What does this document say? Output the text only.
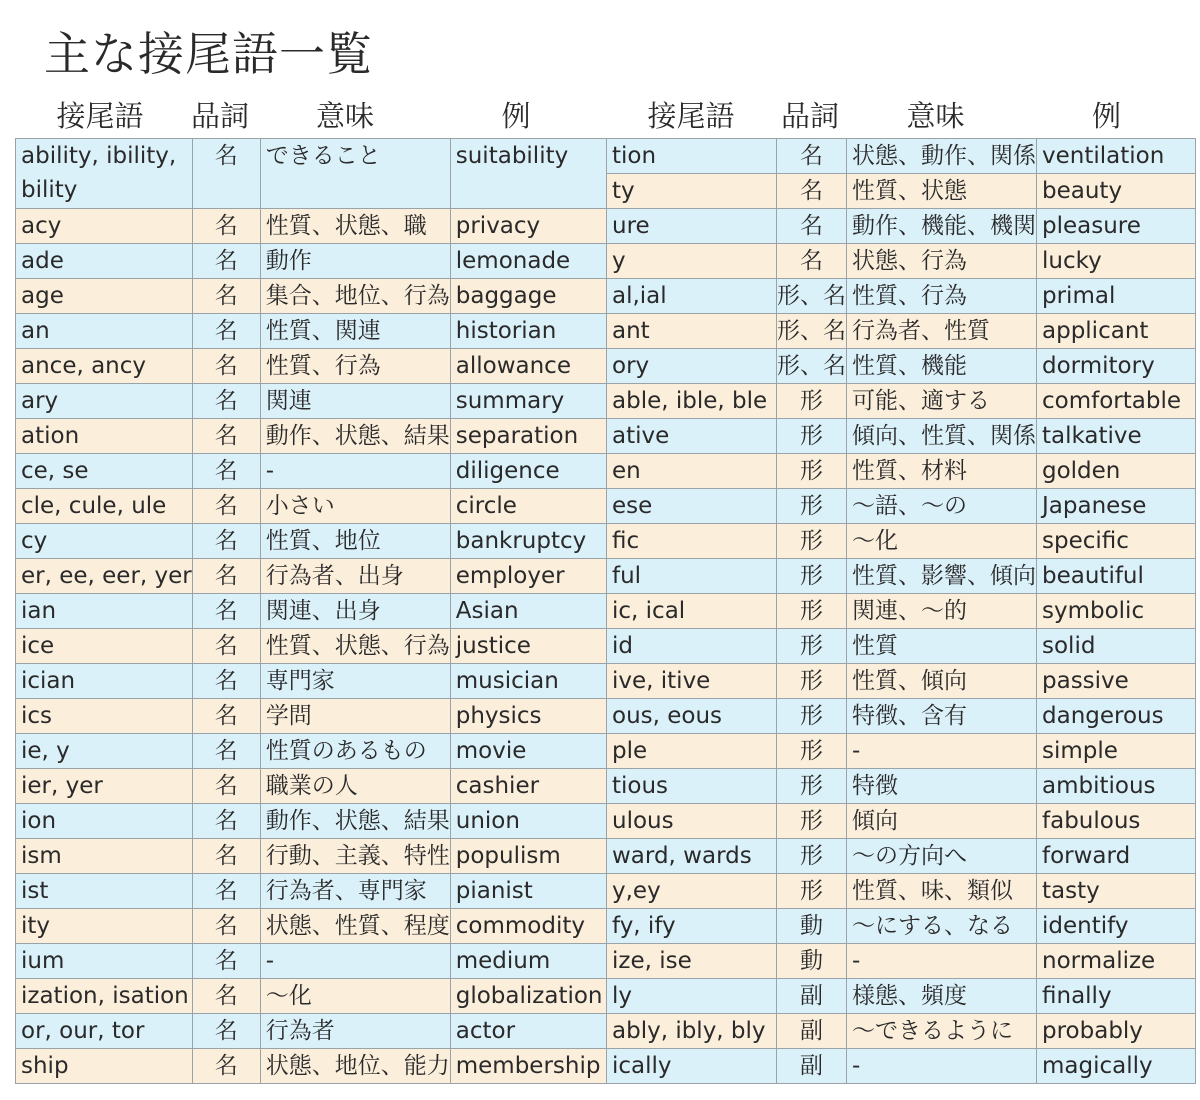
主な接尾語一覧
接尾語	品詞	意味	例
ability, ibility, bility	名	できること	suitability
acy	名	性質、状態、職	privacy
ade	名	動作	lemonade
age	名	集合、地位、行為	baggage
an	名	性質、関連	historian
ance, ancy	名	性質、行為	allowance
ary	名	関連	summary
ation	名	動作、状態、結果	separation
ce, se	名	-	diligence
cle, cule, ule	名	小さい	circle
cy	名	性質、地位	bankruptcy
er, ee, eer, yer	名	行為者、出身	employer
ian	名	関連、出身	Asian
ice	名	性質、状態、行為	justice
ician	名	専門家	musician
ics	名	学問	physics
ie, y	名	性質のあるもの	movie
ier, yer	名	職業の人	cashier
ion	名	動作、状態、結果	union
ism	名	行動、主義、特性	populism
ist	名	行為者、専門家	pianist
ity	名	状態、性質、程度	commodity
ium	名	-	medium
ization, isation	名	～化	globalization
or, our, tor	名	行為者	actor
ship	名	状態、地位、能力	membership
接尾語	品詞	意味	例
tion	名	状態、動作、関係	ventilation
ty	名	性質、状態	beauty
ure	名	動作、機能、機関	pleasure
y	名	状態、行為	lucky
al,ial	形、名	性質、行為	primal
ant	形、名	行為者、性質	applicant
ory	形、名	性質、機能	dormitory
able, ible, ble	形	可能、適する	comfortable
ative	形	傾向、性質、関係	talkative
en	形	性質、材料	golden
ese	形	～語、～の	Japanese
fic	形	～化	specific
ful	形	性質、影響、傾向	beautiful
ic, ical	形	関連、～的	symbolic
id	形	性質	solid
ive, itive	形	性質、傾向	passive
ous, eous	形	特徴、含有	dangerous
ple	形	-	simple
tious	形	特徴	ambitious
ulous	形	傾向	fabulous
ward, wards	形	～の方向へ	forward
y,ey	形	性質、味、類似	tasty
fy, ify	動	～にする、なる	identify
ize, ise	動	-	normalize
ly	副	様態、頻度	finally
ably, ibly, bly	副	～できるように	probably
ically	副	-	magically
